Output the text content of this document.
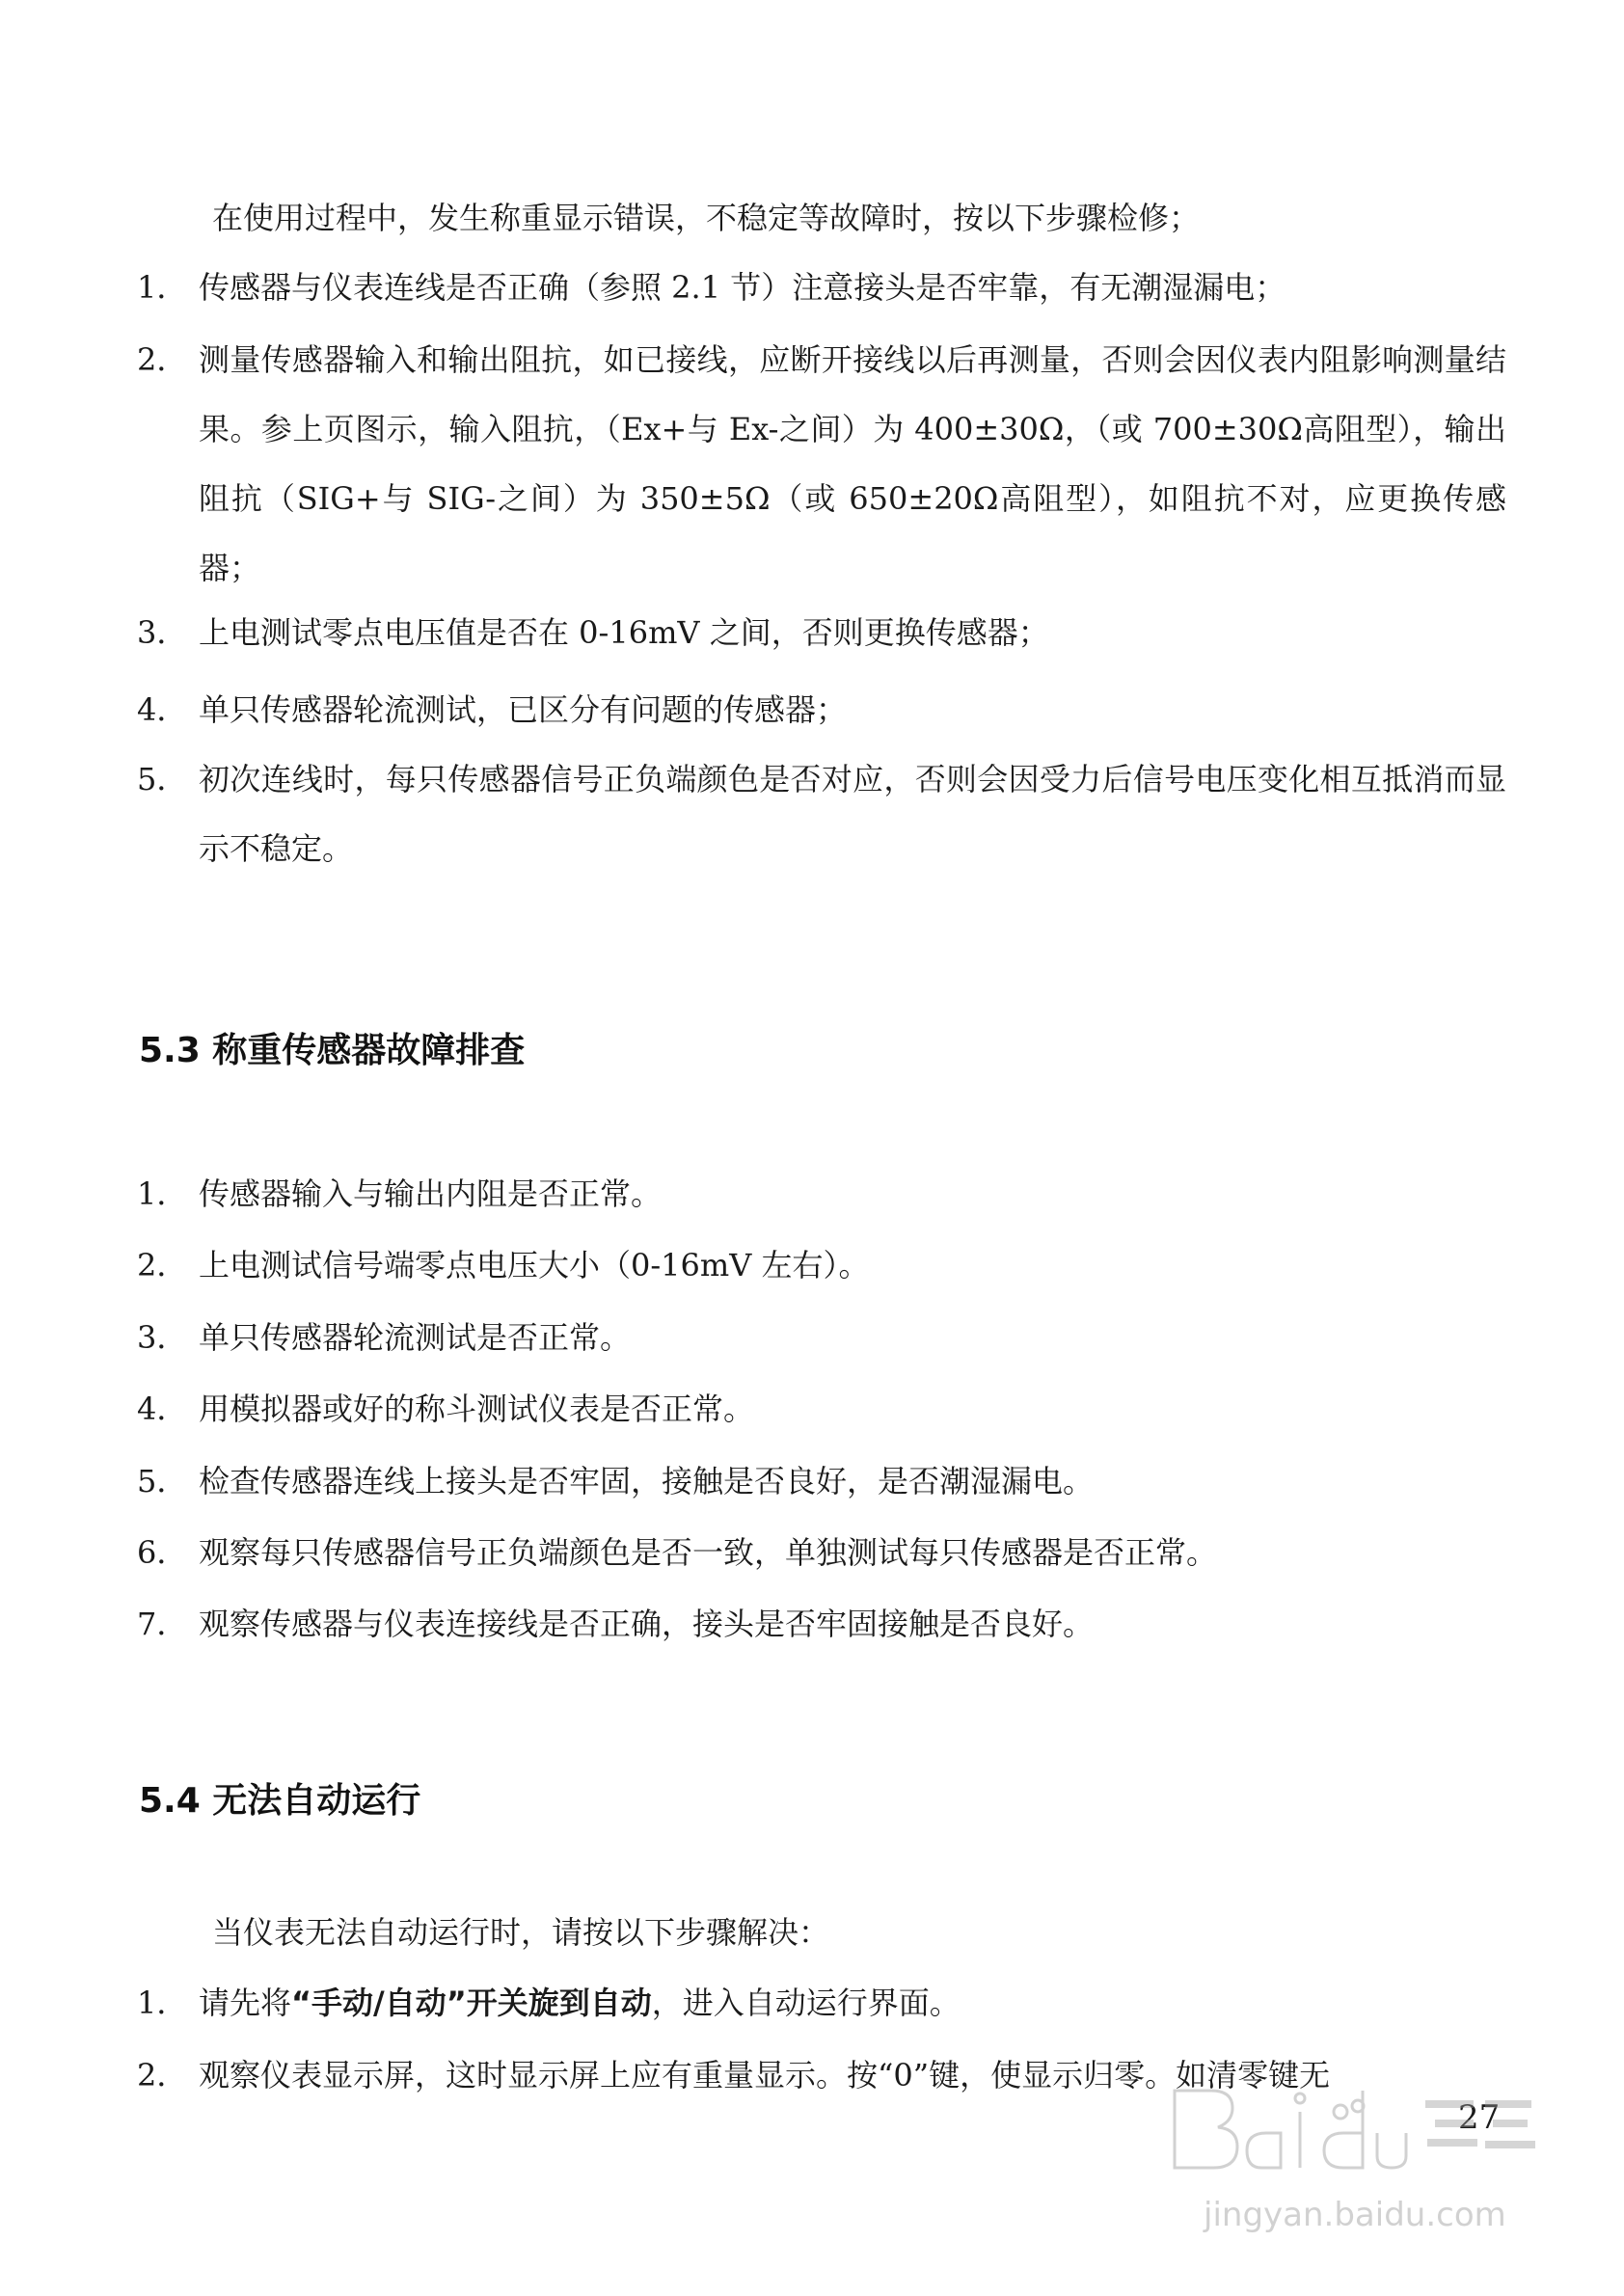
在使用过程中，发生称重显示错误，不稳定等故障时，按以下步骤检修；
1． 传感器与仪表连线是否正确（参照 2.1 节）注意接头是否牢靠，有无潮湿漏电；
2． 测量传感器输入和输出阻抗，如已接线，应断开接线以后再测量，否则会因仪表内阻影响测量结果。参上页图示，输入阻抗，（Ex+与 Ex-之间）为 400±30Ω，（或 700±30Ω高阻型），输出阻抗（SIG+与 SIG-之间）为 350±5Ω（或 650±20Ω高阻型），如阻抗不对，应更换传感器；
3． 上电测试零点电压值是否在 0-16mV 之间，否则更换传感器；
4． 单只传感器轮流测试，已区分有问题的传感器；
5． 初次连线时，每只传感器信号正负端颜色是否对应，否则会因受力后信号电压变化相互抵消而显示不稳定。
5.3 称重传感器故障排查
1． 传感器输入与输出内阻是否正常。
2． 上电测试信号端零点电压大小（0-16mV 左右）。
3． 单只传感器轮流测试是否正常。
4． 用模拟器或好的称斗测试仪表是否正常。
5． 检查传感器连线上接头是否牢固，接触是否良好，是否潮湿漏电。
6． 观察每只传感器信号正负端颜色是否一致，单独测试每只传感器是否正常。
7． 观察传感器与仪表连接线是否正确，接头是否牢固接触是否良好。
5.4 无法自动运行
当仪表无法自动运行时，请按以下步骤解决：
1． 请先将“手动/自动”开关旋到自动，进入自动运行界面。
2． 观察仪表显示屏，这时显示屏上应有重量显示。按“0”键，使显示归零。如清零键无
27
jingyan.baidu.com
